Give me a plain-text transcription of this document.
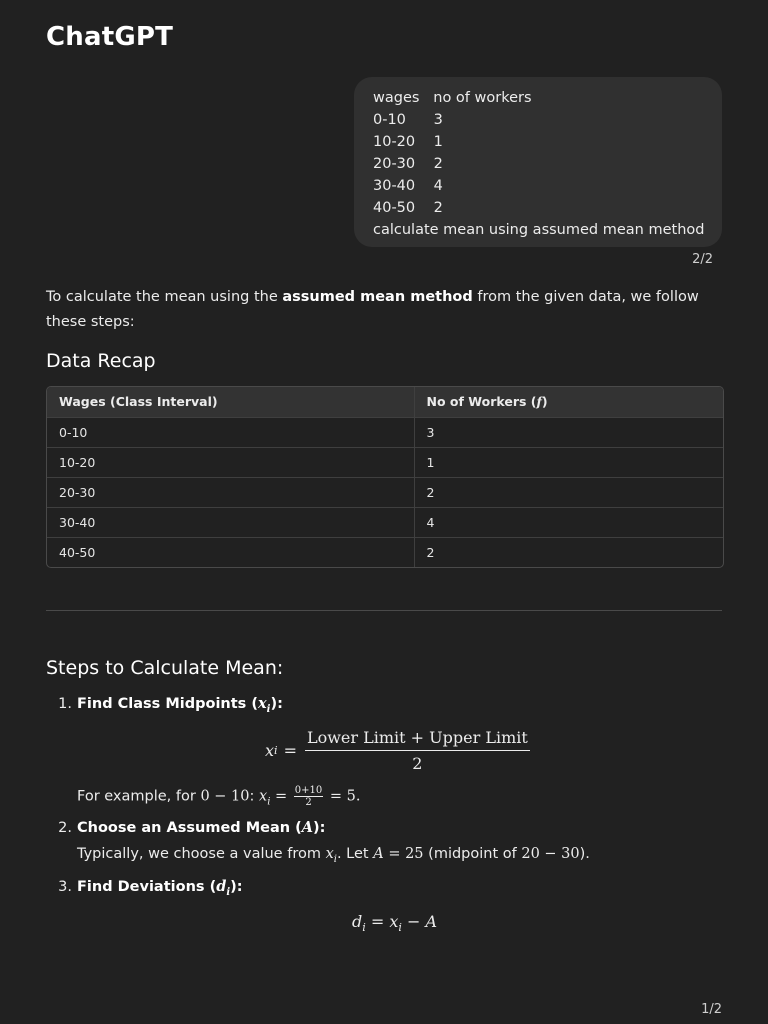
ChatGPT
wages   no of workers
0-10      3
10-20    1
20-30    2
30-40    4
40-50    2
calculate mean using assumed mean method
2/2
To calculate the mean using the assumed mean method from the given data, we follow these steps:
Data Recap
Wages (Class Interval)	No of Workers (f)
0-10	3
10-20	1
20-30	2
30-40	4
40-50	2
Steps to Calculate Mean:
1. Find Class Midpoints $(x_i)$:
x $i = \frac{\text{Lower Limit + Upper Limit}}{2}$
For example, for 0 − 10: $x_i = \frac{0+10}{2} = 5$.
2. Choose an Assumed Mean (A):
Typically, we choose a value from $x_i$. Let A = 25 (midpoint of 20 − 30).
3. Find Deviations $(d_i)$:
$d_i = x_i - A$
1/2
